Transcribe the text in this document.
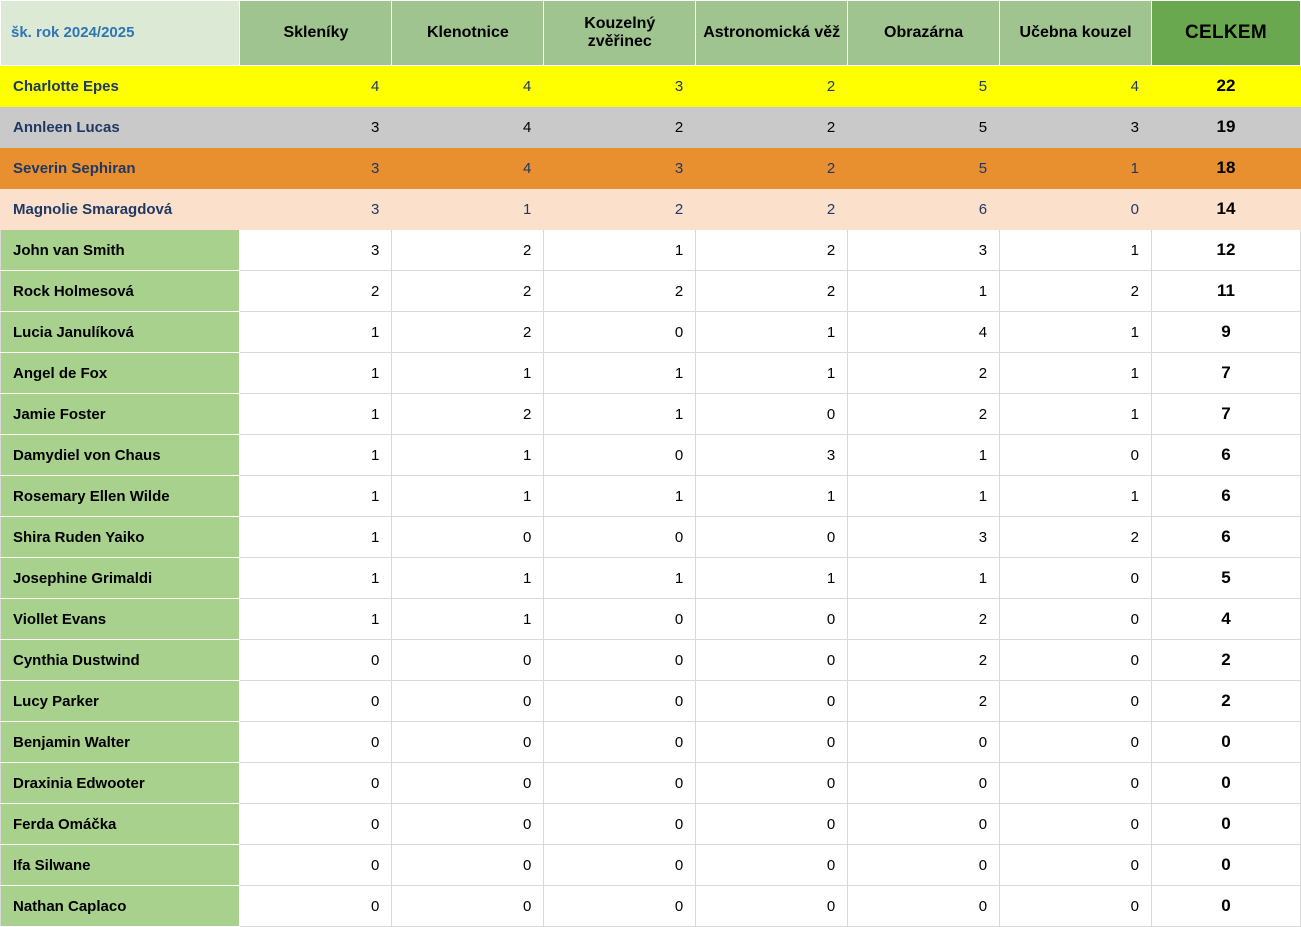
šk. rok 2024/2025	Skleníky	Klenotnice	Kouzelný zvěřinec	Astronomická věž	Obrazárna	Učebna kouzel	CELKEM
Charlotte Epes	4	4	3	2	5	4	22
Annleen Lucas	3	4	2	2	5	3	19
Severin Sephiran	3	4	3	2	5	1	18
Magnolie Smaragdová	3	1	2	2	6	0	14
John van Smith	3	2	1	2	3	1	12
Rock Holmesová	2	2	2	2	1	2	11
Lucia Janulíková	1	2	0	1	4	1	9
Angel de Fox	1	1	1	1	2	1	7
Jamie Foster	1	2	1	0	2	1	7
Damydiel von Chaus	1	1	0	3	1	0	6
Rosemary Ellen Wilde	1	1	1	1	1	1	6
Shira Ruden Yaiko	1	0	0	0	3	2	6
Josephine Grimaldi	1	1	1	1	1	0	5
Viollet Evans	1	1	0	0	2	0	4
Cynthia Dustwind	0	0	0	0	2	0	2
Lucy Parker	0	0	0	0	2	0	2
Benjamin Walter	0	0	0	0	0	0	0
Draxinia Edwooter	0	0	0	0	0	0	0
Ferda Omáčka	0	0	0	0	0	0	0
Ifa Silwane	0	0	0	0	0	0	0
Nathan Caplaco	0	0	0	0	0	0	0
